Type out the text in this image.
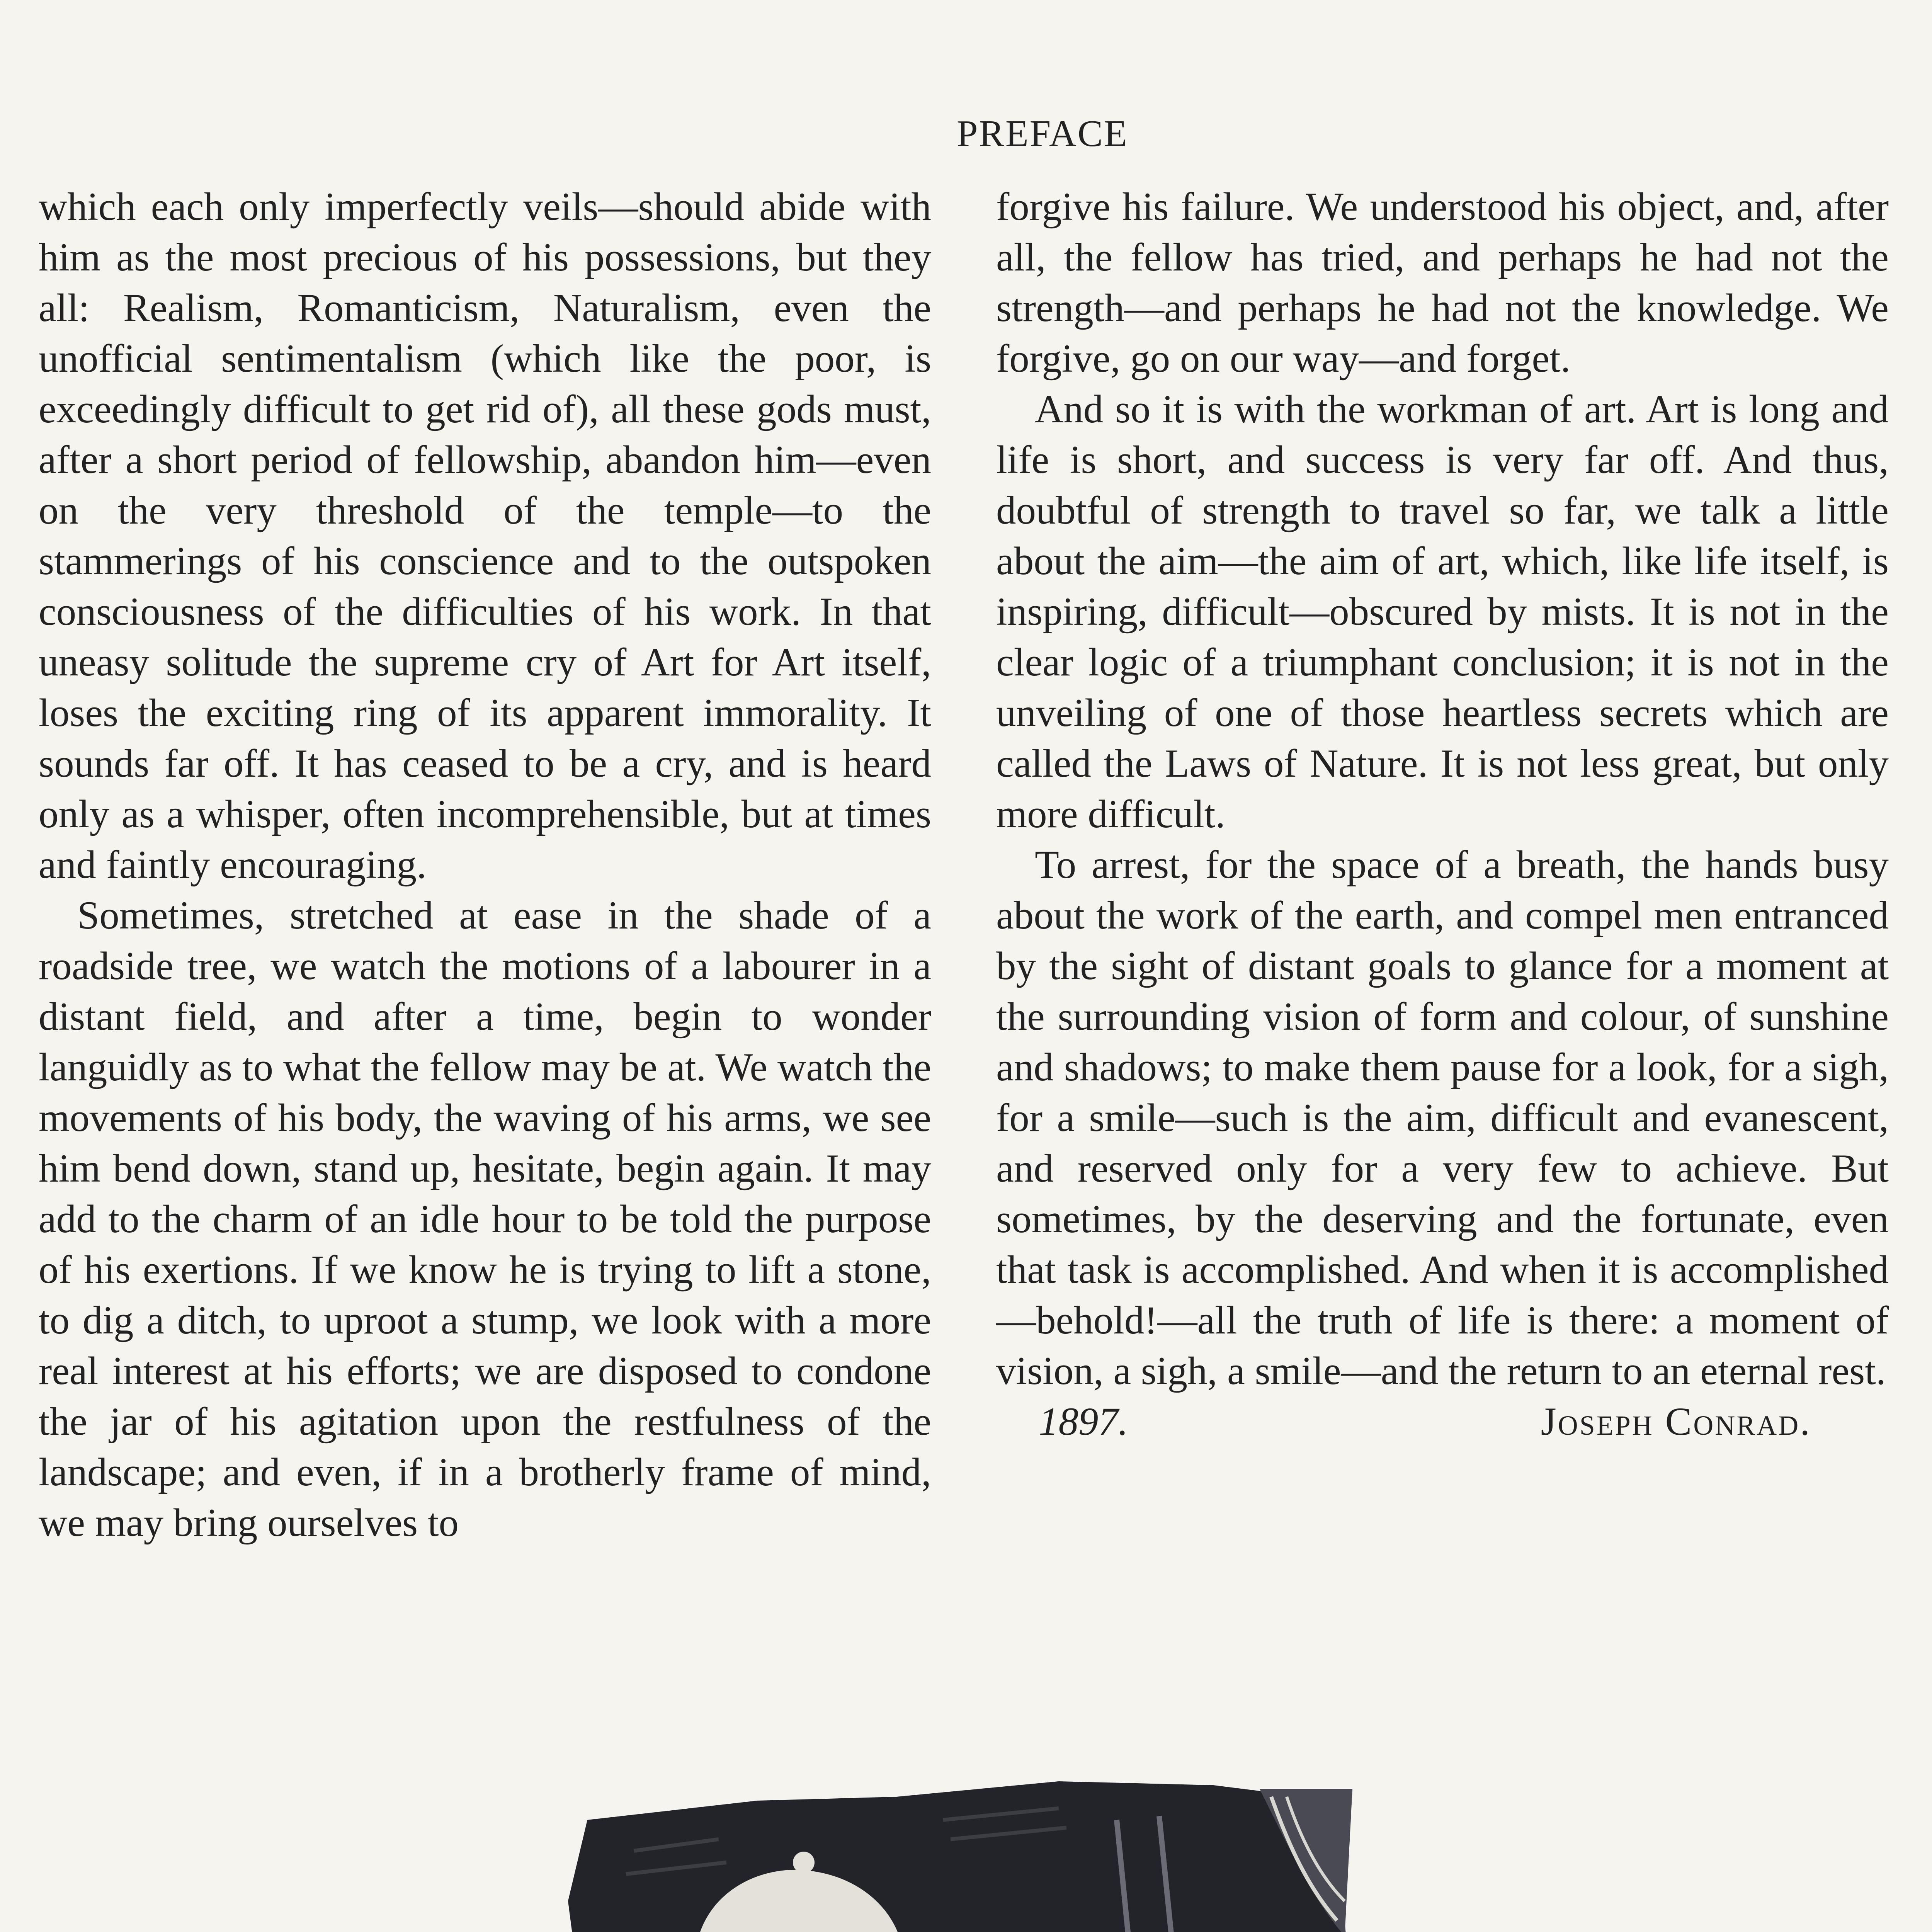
PREFACE

which each only imperfectly veils—should abide with him as the most precious of his possessions, but they all: Realism, Romanticism, Naturalism, even the unofficial sentimentalism (which like the poor, is exceedingly difficult to get rid of), all these gods must, after a short period of fellowship, abandon him—even on the very threshold of the temple—to the stammerings of his conscience and to the outspoken consciousness of the difficulties of his work. In that uneasy solitude the supreme cry of Art for Art itself, loses the exciting ring of its apparent immorality. It sounds far off. It has ceased to be a cry, and is heard only as a whisper, often incomprehensible, but at times and faintly encouraging.

Sometimes, stretched at ease in the shade of a roadside tree, we watch the motions of a labourer in a distant field, and after a time, begin to wonder languidly as to what the fellow may be at. We watch the movements of his body, the waving of his arms, we see him bend down, stand up, hesitate, begin again. It may add to the charm of an idle hour to be told the purpose of his exertions. If we know he is trying to lift a stone, to dig a ditch, to uproot a stump, we look with a more real interest at his efforts; we are disposed to condone the jar of his agitation upon the restfulness of the landscape; and even, if in a brotherly frame of mind, we may bring ourselves to

forgive his failure. We understood his object, and, after all, the fellow has tried, and perhaps he had not the strength—and perhaps he had not the knowledge. We forgive, go on our way—and forget.

And so it is with the workman of art. Art is long and life is short, and success is very far off. And thus, doubtful of strength to travel so far, we talk a little about the aim—the aim of art, which, like life itself, is inspiring, difficult—obscured by mists. It is not in the clear logic of a triumphant conclusion; it is not in the unveiling of one of those heartless secrets which are called the Laws of Nature. It is not less great, but only more difficult.

To arrest, for the space of a breath, the hands busy about the work of the earth, and compel men entranced by the sight of distant goals to glance for a moment at the surrounding vision of form and colour, of sunshine and shadows; to make them pause for a look, for a sigh, for a smile—such is the aim, difficult and evanescent, and reserved only for a very few to achieve. But sometimes, by the deserving and the fortunate, even that task is accomplished. And when it is accomplished—behold!—all the truth of life is there: a moment of vision, a sigh, a smile—and the return to an eternal rest.

1897.	Joseph Conrad.
